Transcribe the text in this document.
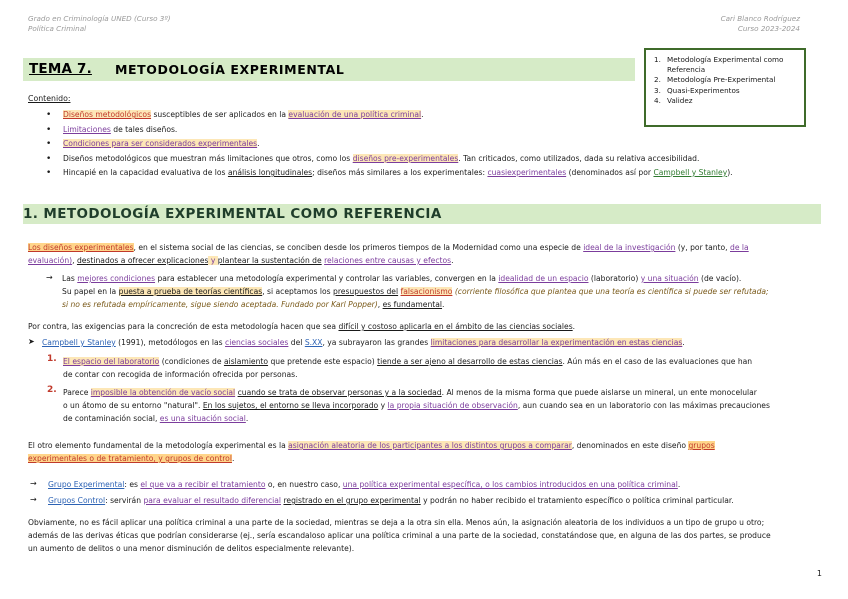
Grado en Criminología UNED (Curso 3º)
Política Criminal
Cari Blanco Rodríguez
Curso 2023-2024
TEMA 7. METODOLOGÍA EXPERIMENTAL
1. Metodología Experimental como
Referencia
2. Metodología Pre-Experimental
3. Quasi-Experimentos
4. Validez
Contenido:
• Diseños metodológicos susceptibles de ser aplicados en la evaluación de una política criminal.
• Limitaciones de tales diseños.
• Condiciones para ser considerados experimentales.
• Diseños metodológicos que muestran más limitaciones que otros, como los diseños pre-experimentales. Tan criticados, como utilizados, dada su relativa accesibilidad.
• Hincapié en la capacidad evaluativa de los análisis longitudinales; diseños más similares a los experimentales: cuasiexperimentales (denominados así por Campbell y Stanley).
1. METODOLOGÍA EXPERIMENTAL COMO REFERENCIA
Los diseños experimentales, en el sistema social de las ciencias, se conciben desde los primeros tiempos de la Modernidad como una especie de ideal de la investigación (y, por tanto, de la
evaluación), destinados a ofrecer explicaciones y plantear la sustentación de relaciones entre causas y efectos.
→ Las mejores condiciones para establecer una metodología experimental y controlar las variables, convergen en la idealidad de un espacio (laboratorio) y una situación (de vacío).
Su papel en la puesta a prueba de teorías científicas, si aceptamos los presupuestos del falsacionismo (corriente filosófica que plantea que una teoría es científica si puede ser refutada;
si no es refutada empíricamente, sigue siendo aceptada. Fundado por Karl Popper), es fundamental.
Por contra, las exigencias para la concreción de esta metodología hacen que sea difícil y costoso aplicarla en el ámbito de las ciencias sociales.
➤ Campbell y Stanley (1991), metodólogos en las ciencias sociales del S.XX, ya subrayaron las grandes limitaciones para desarrollar la experimentación en estas ciencias.
1. El espacio del laboratorio (condiciones de aislamiento que pretende este espacio) tiende a ser ajeno al desarrollo de estas ciencias. Aún más en el caso de las evaluaciones que han
de contar con recogida de información ofrecida por personas.
2. Parece imposible la obtención de vacío social cuando se trata de observar personas y a la sociedad. Al menos de la misma forma que puede aislarse un mineral, un ente monocelular
o un átomo de su entorno "natural". En los sujetos, el entorno se lleva incorporado y la propia situación de observación, aun cuando sea en un laboratorio con las máximas precauciones
de contaminación social, es una situación social.
El otro elemento fundamental de la metodología experimental es la asignación aleatoria de los participantes a los distintos grupos a comparar, denominados en este diseño grupos
experimentales o de tratamiento, y grupos de control.
→ Grupo Experimental: es el que va a recibir el tratamiento o, en nuestro caso, una política experimental específica, o los cambios introducidos en una política criminal.
→ Grupos Control: servirán para evaluar el resultado diferencial registrado en el grupo experimental y podrán no haber recibido el tratamiento específico o política criminal particular.
Obviamente, no es fácil aplicar una política criminal a una parte de la sociedad, mientras se deja a la otra sin ella. Menos aún, la asignación aleatoria de los individuos a un tipo de grupo u otro;
además de las derivas éticas que podrían considerarse (ej., sería escandaloso aplicar una política criminal a una parte de la sociedad, constatándose que, en alguna de las dos partes, se produce
un aumento de delitos o una menor disminución de delitos especialmente relevante).
1
